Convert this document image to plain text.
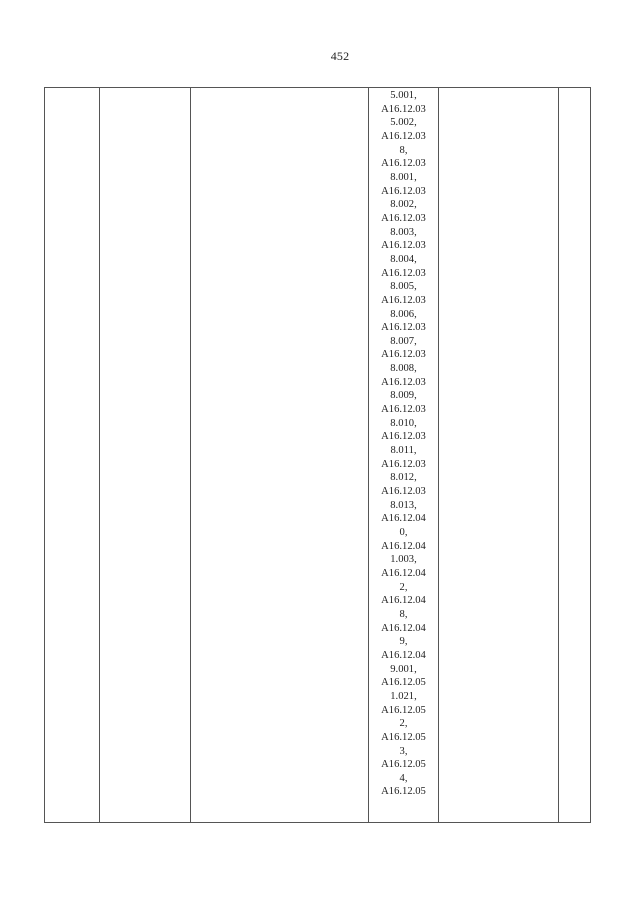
452
5.001,
A16.12.03
5.002,
A16.12.03
8,
A16.12.03
8.001,
A16.12.03
8.002,
A16.12.03
8.003,
A16.12.03
8.004,
A16.12.03
8.005,
A16.12.03
8.006,
A16.12.03
8.007,
A16.12.03
8.008,
A16.12.03
8.009,
A16.12.03
8.010,
A16.12.03
8.011,
A16.12.03
8.012,
A16.12.03
8.013,
A16.12.04
0,
A16.12.04
1.003,
A16.12.04
2,
A16.12.04
8,
A16.12.04
9,
A16.12.04
9.001,
A16.12.05
1.021,
A16.12.05
2,
A16.12.05
3,
A16.12.05
4,
A16.12.05
